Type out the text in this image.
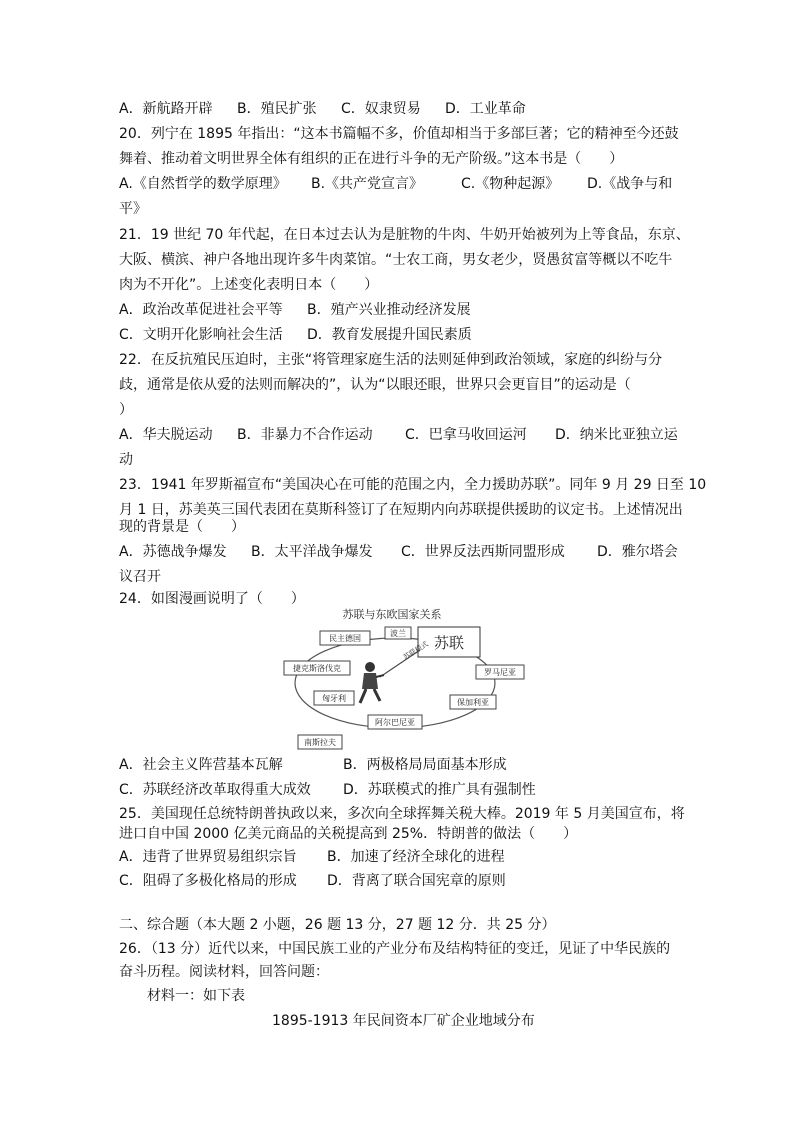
A．新航路开辟 B．殖民扩张 C．奴隶贸易 D．工业革命
20．列宁在 1895 年指出：“这本书篇幅不多，价值却相当于多部巨著；它的精神至今还鼓
舞着、推动着文明世界全体有组织的正在进行斗争的无产阶级。”这本书是（　　）
A.《自然哲学的数学原理》 B.《共产党宣言》	C.《物种起源》 D.《战争与和
平》
21．19 世纪 70 年代起，在日本过去认为是脏物的牛肉、牛奶开始被列为上等食品，东京、
大阪、横滨、神户各地出现许多牛肉菜馆。“士农工商，男女老少，贤愚贫富等概以不吃牛
肉为不开化”。上述变化表明日本（　　）
A．政治改革促进社会平等 B．殖产兴业推动经济发展
C．文明开化影响社会生活 D．教育发展提升国民素质
22．在反抗殖民压迫时，主张“将管理家庭生活的法则延伸到政治领域，家庭的纠纷与分
歧，通常是依从爱的法则而解决的”，认为“以眼还眼，世界只会更盲目”的运动是（
）
A．华夫脱运动 B．非暴力不合作运动 C．巴拿马收回运河 D．纳米比亚独立运
动
23．1941 年罗斯福宣布“美国决心在可能的范围之内，全力援助苏联”。同年 9 月 29 日至 10
月 1 日，苏美英三国代表团在莫斯科签订了在短期内向苏联提供援助的议定书。上述情况出
现的背景是（　　）
A．苏德战争爆发 B．太平洋战争爆发 C．世界反法西斯同盟形成 D．雅尔塔会
议召开
24．如图漫画说明了（　　）
苏联与东欧国家关系
苏联
苏联模式
民主德国
波兰
捷克斯洛伐克	罗马尼亚
匈牙利	保加利亚
阿尔巴尼亚
南斯拉夫
A．社会主义阵营基本瓦解	B．两极格局局面基本形成
C．苏联经济改革取得重大成效 D．苏联模式的推广具有强制性
25．美国现任总统特朗普执政以来，多次向全球挥舞关税大棒。2019 年 5 月美国宣布，将
进口自中国 2000 亿美元商品的关税提高到 25%．特朗普的做法（　　）
A．违背了世界贸易组织宗旨 B．加速了经济全球化的进程
C．阻碍了多极化格局的形成 D．背离了联合国宪章的原则
二、综合题（本大题 2 小题，26 题 13 分，27 题 12 分．共 25 分）
26．（13 分）近代以来，中国民族工业的产业分布及结构特征的变迁，见证了中华民族的
奋斗历程。阅读材料，回答问题：
材料一：如下表
1895-1913 年民间资本厂矿企业地域分布
